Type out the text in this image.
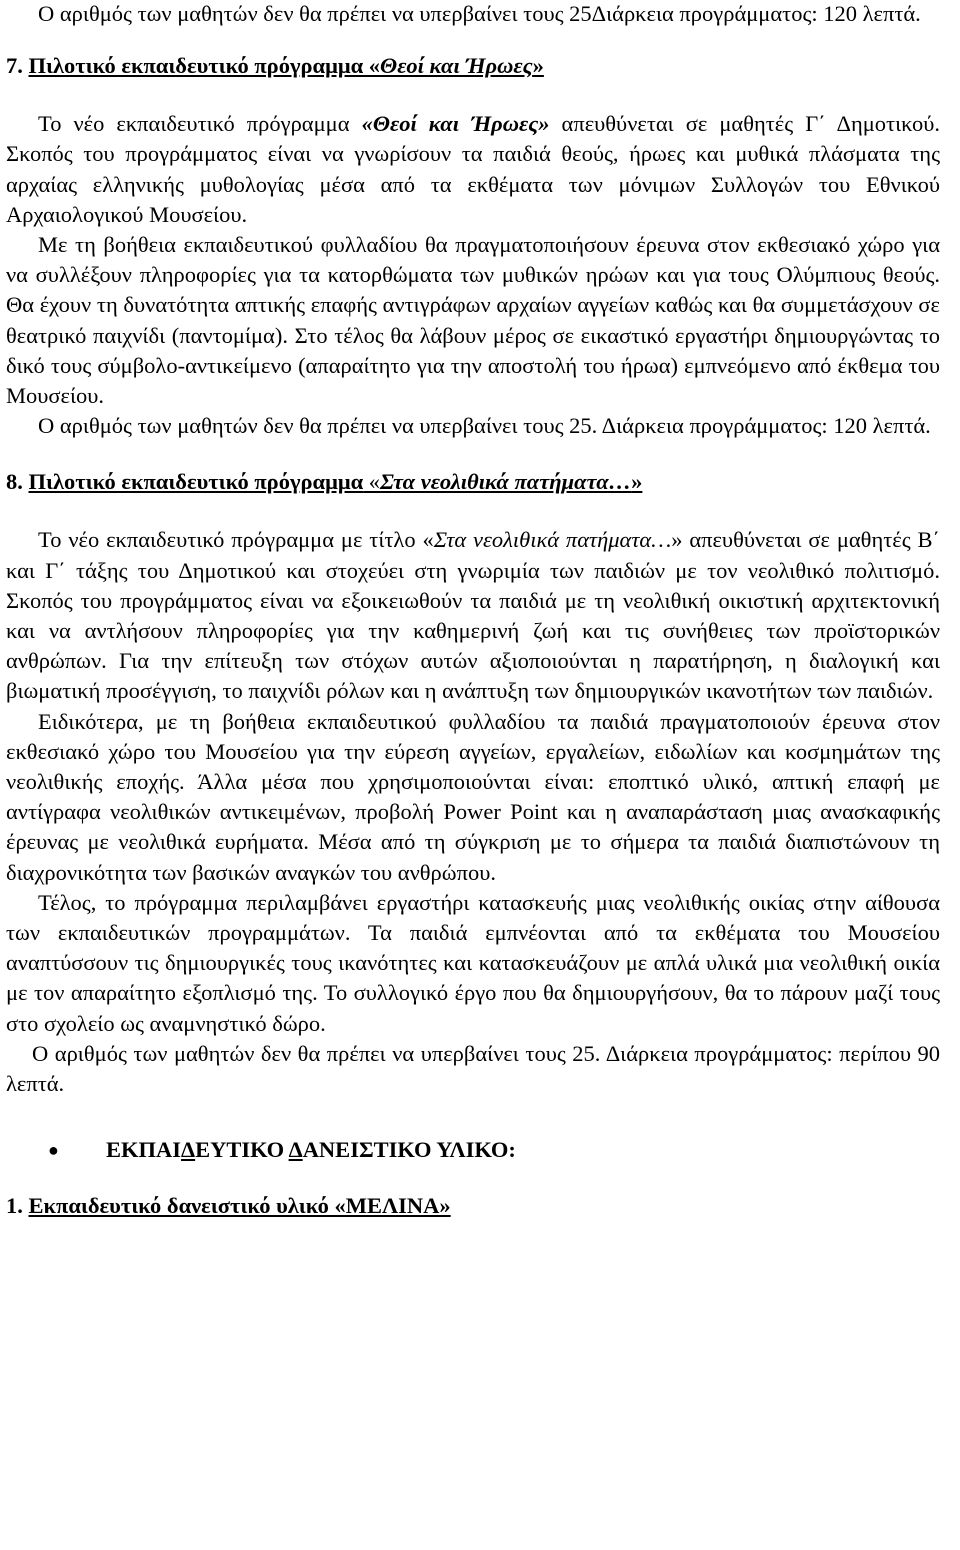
Ο αριθμός των μαθητών δεν θα πρέπει να υπερβαίνει τους 25Διάρκεια προγράμματος: 120 λεπτά.

7. Πιλοτικό εκπαιδευτικό πρόγραμμα «Θεοί και Ήρωες»

Το νέο εκπαιδευτικό πρόγραμμα «Θεοί και Ήρωες» απευθύνεται σε μαθητές Γ΄ Δημοτικού. Σκοπός του προγράμματος είναι να γνωρίσουν τα παιδιά θεούς, ήρωες και μυθικά πλάσματα της αρχαίας ελληνικής μυθολογίας μέσα από τα εκθέματα των μόνιμων Συλλογών του Εθνικού Αρχαιολογικού Μουσείου.

Με τη βοήθεια εκπαιδευτικού φυλλαδίου θα πραγματοποιήσουν έρευνα στον εκθεσιακό χώρο για να συλλέξουν πληροφορίες για τα κατορθώματα των μυθικών ηρώων και για τους Ολύμπιους θεούς. Θα έχουν τη δυνατότητα απτικής επαφής αντιγράφων αρχαίων αγγείων καθώς και θα συμμετάσχουν σε θεατρικό παιχνίδι (παντομίμα). Στο τέλος θα λάβουν μέρος σε εικαστικό εργαστήρι δημιουργώντας το δικό τους σύμβολο-αντικείμενο (απαραίτητο για την αποστολή του ήρωα) εμπνεόμενο από έκθεμα του Μουσείου.

Ο αριθμός των μαθητών δεν θα πρέπει να υπερβαίνει τους 25. Διάρκεια προγράμματος: 120 λεπτά.

8. Πιλοτικό εκπαιδευτικό πρόγραμμα «Στα νεολιθικά πατήματα…»

Το νέο εκπαιδευτικό πρόγραμμα με τίτλο «Στα νεολιθικά πατήματα…» απευθύνεται σε μαθητές Β΄ και Γ΄ τάξης του Δημοτικού και στοχεύει στη γνωριμία των παιδιών με τον νεολιθικό πολιτισμό. Σκοπός του προγράμματος είναι να εξοικειωθούν τα παιδιά με τη νεολιθική οικιστική αρχιτεκτονική και να αντλήσουν πληροφορίες για την καθημερινή ζωή και τις συνήθειες των προϊστορικών ανθρώπων. Για την επίτευξη των στόχων αυτών αξιοποιούνται η παρατήρηση, η διαλογική και βιωματική προσέγγιση, το παιχνίδι ρόλων και η ανάπτυξη των δημιουργικών ικανοτήτων των παιδιών.

Ειδικότερα, με τη βοήθεια εκπαιδευτικού φυλλαδίου τα παιδιά πραγματοποιούν έρευνα στον εκθεσιακό χώρο του Μουσείου για την εύρεση αγγείων, εργαλείων, ειδωλίων και κοσμημάτων της νεολιθικής εποχής. Άλλα μέσα που χρησιμοποιούνται είναι: εποπτικό υλικό, απτική επαφή με αντίγραφα νεολιθικών αντικειμένων, προβολή Power Point και η αναπαράσταση μιας ανασκαφικής έρευνας με νεολιθικά ευρήματα. Μέσα από τη σύγκριση με το σήμερα τα παιδιά διαπιστώνουν τη διαχρονικότητα των βασικών αναγκών του ανθρώπου.

Τέλος, το πρόγραμμα περιλαμβάνει εργαστήρι κατασκευής μιας νεολιθικής οικίας στην αίθουσα των εκπαιδευτικών προγραμμάτων. Τα παιδιά εμπνέονται από τα εκθέματα του Μουσείου αναπτύσσουν τις δημιουργικές τους ικανότητες και κατασκευάζουν με απλά υλικά μια νεολιθική οικία με τον απαραίτητο εξοπλισμό της. Το συλλογικό έργο που θα δημιουργήσουν, θα το πάρουν μαζί τους στο σχολείο ως αναμνηστικό δώρο.

Ο αριθμός των μαθητών δεν θα πρέπει να υπερβαίνει τους 25. Διάρκεια προγράμματος: περίπου 90 λεπτά.

●	ΕΚΠΑΙΔΕΥΤΙΚΟ ΔΑΝΕΙΣΤΙΚΟ ΥΛΙΚΟ:

1. Εκπαιδευτικό δανειστικό υλικό «ΜΕΛΙΝΑ»
